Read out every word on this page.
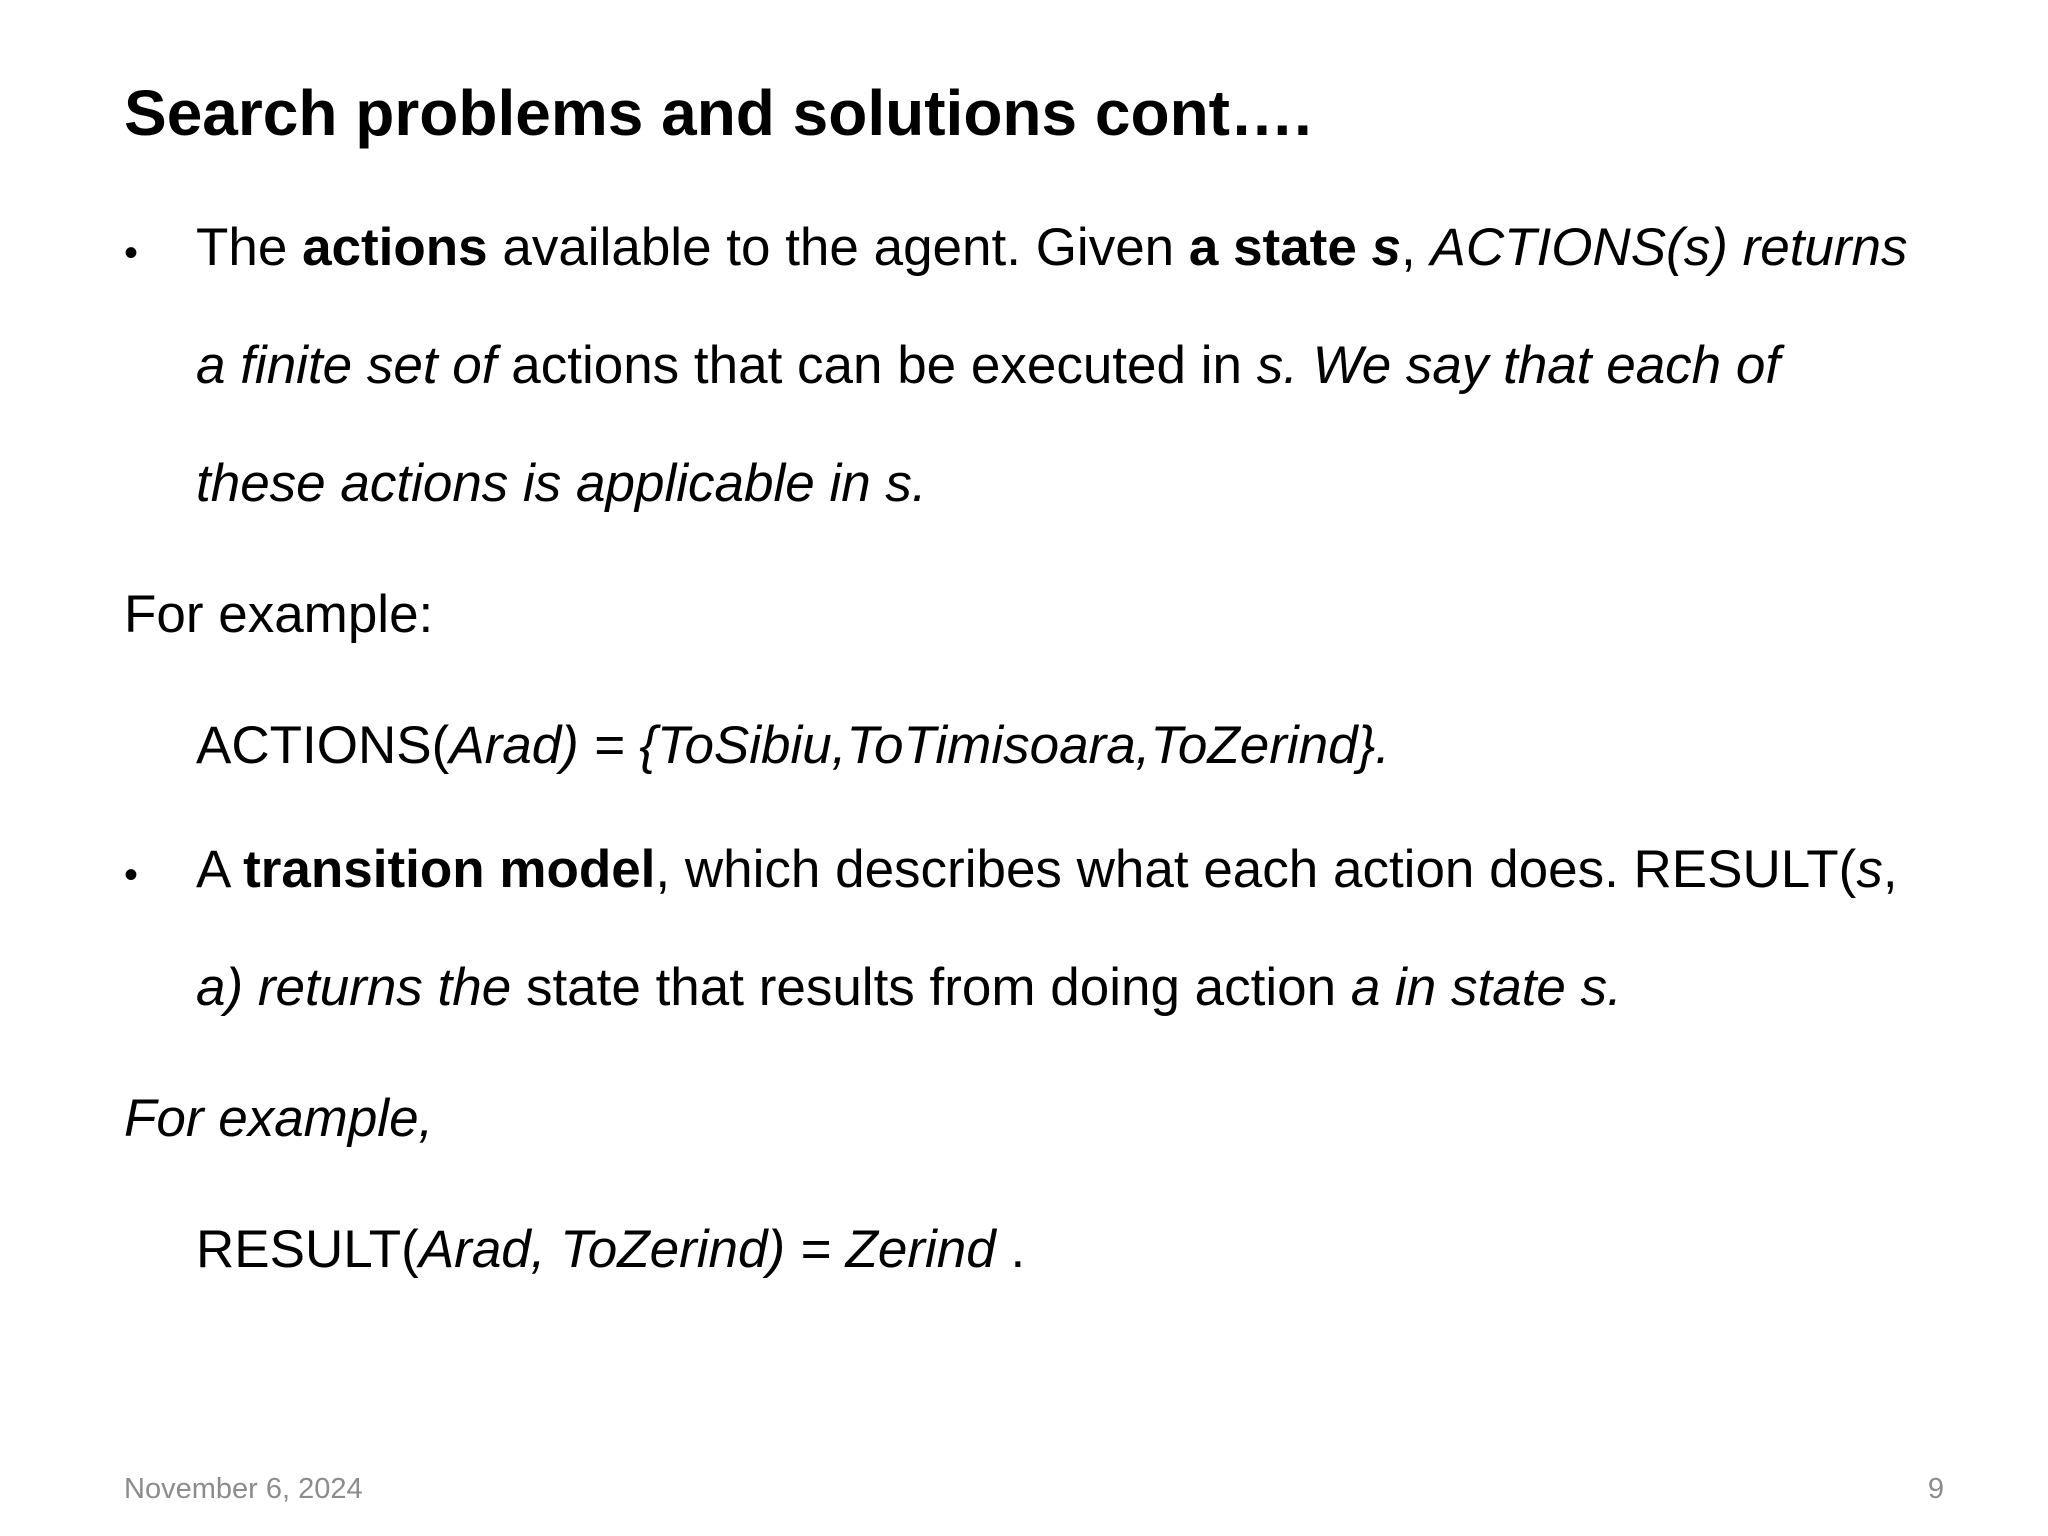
Search problems and solutions cont….
• The actions available to the agent. Given a state s, ACTIONS(s) returns
a finite set of actions that can be executed in s. We say that each of
these actions is applicable in s.
For example:
ACTIONS(Arad) = {ToSibiu,ToTimisoara,ToZerind}.
• A transition model, which describes what each action does. RESULT(s,
a) returns the state that results from doing action a in state s.
For example,
RESULT(Arad, ToZerind) = Zerind .
November 6, 2024	9
